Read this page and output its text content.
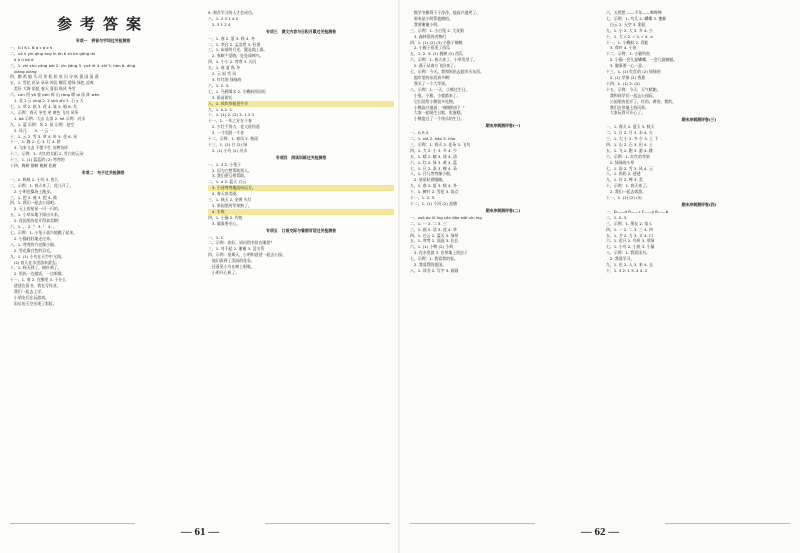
参考答案
专项一　拼音与字词过关检测卷
一、G I K L N q c d z h
二、uō ù yìn qīng àng ǐn én è zǔ bù gǒng dú
　ǔ ū ǔ bō ò
三、1. zhì zhù yǎng bǎi 2. yìn jiāng 3. yuè lè 4. zhī 5. hàn 6. dǐng
　xiàng xiáng
四、鹅 鸡 船 马 河 芽 松 粒 泉 闪 寻 纸 蛋 国 雨 燕
五、1. 雪花 花朵 朵朵 冲沉 棚荒 碧绿 绿色 凉爽
　美好 大海 彩虹 春天 夏雨 秋风 冬雪
六、cún 回 yǎ 壶 pēn 阵 山 rǎng 喷 qǐ 苗 阵 wèn
　1. 北 1 云 xìng 2. 2 shū zhì 3. 石 y 天
七、1. 草 2. 纸 3. 花 4. 笔 5. 船 6. 鸟
八、示例：春天 冬雪 笑 黄色 飞鸟 风筝
　1. bō 示例：大山 山顶 2. hé 示例：河水
九、1. 蓝 示例：风 2. 星 示例：星空
　2. 风儿　　3. 一 云 一
十、1. 云 2. 雪 3. 草 4. 叶 5. 花 6. 星
十一、1. 路 2. 心 3. 灯 4. 桥
　3. 飞来飞去 不慌不忙 各种各样
十二、示例：1. 火红的太阳 2. 雪白的云朵
十三、1. (1) 蓝蓝的 (2) 弯弯的
十四、梅树 柳树 桃树 松树
专项二　句子过关检测卷
一、1. 蚂蚁 2. 小鸟 3. 鱼儿
二、示例：1. 春天来了，花儿开了。
　2. 小明在操场上跑步。
三、1. 把 2. 被 3. 把 4. 被
四、1. 我们一起去公园吧。
　2. 天上的星星一闪一闪的。
五、1. 小草从地下探出头来。
　2. 花园里的花开得真美啊！
六、1. 。 2. ？ 3. ！ 4. 。
七、示例：1. 小兔子高兴地跳了起来。
　2. 小猫轻轻地走过来。
八、1. 弯弯的月亮像小船。
　2. 雪花像白色的羽毛。
九、1. (1) 小鸟在天空中飞翔。
　(2) 鱼儿在水里游来游去。
十、1. 秋天到了，树叶黄了。
　2. 妈妈一边做饭，一边唱歌。
十一、1. 谁 2. 在哪里 3. 干什么
　爸爸在看书，我在写作业。
　我们一起去上学。
　小朋友们在玩游戏。
　雨后的天空出现了彩虹。
9. 刻苦学习的人才会成功。
八、1. 2 3 1 4 5
　2. 3 1 2 4
专项三　课文内容与日积月累过关检测卷
一、1. 春 2. 夏 3. 秋 4. 冬
二、1. 李白 2. 孟浩然 3. 杜甫
三、1. 床前明月光，疑是地上霜。
　2. 春眠不觉晓，处处闻啼鸟。
四、1. 小小 2. 弯弯 3. 闪闪
五、1. 春 夏 秋 冬
　2. 云 雨 雪 风
　3. 红红的 绿绿的
六、1. 2. 3.
七、1. 乌鸦喝水 2. 小蝌蚪找妈妈
　3. 拔苗助长
八、1. 风吹草低见牛羊
九、1. A 2. C
十、1. (1) 2. (2) 3. 1 2 3
十一、1. 一年之计在于春
　2. 少壮不努力，老大徒伤悲
　3. 一寸光阴一寸金
十二、示例：1. 春风 2. 秋雨
十三、1. (1) 白 (2) 绿
　2. (1) 小鸟 (2) 河水
专项四　阅读训练过关检测卷
一、1. 3 2. 小兔子
　2. 因为它想帮助别人。
　3. 我们要互相帮助。
二、1. 4 2. 蓝天 白云
　3. 小河弯弯地流向远方。
　4. 春天真美丽。
三、1. 秋天 2. 金黄 火红
　3. 果园里的苹果熟了。
　4. 丰收
四、1. 小猫 2. 钓鱼
　3. 做事要专心。
专项五　口语交际与看图写话过关检测卷
一、1. C
二、示例：你好，请问图书馆在哪里？
三、1. 对不起 2. 谢谢 3. 没关系
四、示例：星期天，小明和爸爸一起去公园。
　他们看到了美丽的花朵，
　还看见小鸟在树上唱歌。
　小明开心极了。
— 61 —
　数学书擦得干干净净，他高兴地笑了。
　原来是小明帮他擦的。
　我要谢谢小明。
三、示例：1. 小白兔 2. 大灰狼
　3. 森林里的动物们
四、1. (1) (2) (3) 小猴子摘桃
　2. 小猴子看见了西瓜
五、1. 2. 3. (1) 桃树 (2) 西瓜
六、示例：1. 春天来了，小草发芽了。
　2. 燕子从南方飞回来了。
七、示例：今天，我和妈妈去超市买东西。
　超市里的东西真多啊！
　我买了一个大苹果。
八、示例：1. 一天，小熊过生日。
　小兔、小猴、小鹿都来了。
　它们送给小熊很多礼物。
　小熊高兴地说：“谢谢你们！”
　大家一起唱生日歌，吃蛋糕。
　小熊度过了一个快乐的生日。
期末冲刺测评卷(一)
一、G R S
二、1. xiǎ 2. hǎo 3. hǔo
三、示例：1. 春天 2. 花朵 3. 飞鸟
四、1. 大 2. 小 3. 多 4. 少
五、1. 晴 2. 睛 3. 请 4. 清
六、1. 红 2. 绿 3. 黄 4. 蓝
七、1. 只 2. 条 3. 棵 4. 朵
八、1. 月儿弯弯像小船。
　2. 星星眨着眼睛。
九、1. 春 2. 夏 3. 秋 4. 冬
十、1. 树叶 2. 雪花 3. 雨点
十一、1. 2. 3.
十二、1. (1) 小河 (2) 池塘
期末冲刺测评卷(二)
一、zuō ǎo lü īng cān dǎo wāi uǐn ǐng
二、1. 一 2. 二 3. 三
三、1. 画 2. 话 3. 花 4. 华
四、1. 白云 2. 蓝天 3. 绿草
五、1. 弯弯 2. 高高 3. 长长
六、1. (1) 小鸭 (2) 小鸡
　2. 在水里游 3. 在草地上找虫子
七、示例：1. 我爱我的家。
　2. 我爱我的祖国。
八、1. 读书 2. 写字 3. 画画
六、五然然 ——千年——哗哗哗
七、示例：1. 鸟儿 2. 蝴蝶 3. 蜜蜂
　白云 2. 天空 3. 彩虹
九、1. 小 2. 大 3. 多 4. 少
十、1. 大 √ 2. √ 3. √ 4. ×
十一、1. 小蝌蚪 2. 青蛙
　3. 荷叶 4. 小鱼
十二、示例：1. 小猫钓鱼
　2. 小猫一会儿捉蝴蝶，一会儿捉蜻蜓。
　3. 做事要一心一意。
十三、1. (1) 红红的 (2) 绿绿的
　2. (1) 苹果 (2) 香蕉
十四、1. (1) 2. (2)
十五、示例：今天，天气晴朗。
　我和同学们一起去公园玩。
　公园里的花开了，红的、黄的、紫的。
　我们在草地上放风筝。
　大家玩得可开心了。
期末冲刺测评卷(三)
一、1. 春天 2. 夏天 3. 秋天
二、1. 日 2. 月 3. 水 4. 火
三、1. 大 小 2. 多 少 3. 上 下
四、1. 山 2. 石 3. 田 4. 土
五、1. 飞 2. 跑 3. 游 4. 跳
六、示例：1. 红红的苹果
　2. 绿绿的小草
七、1. 雨 2. 雪 3. 风 4. 云
八、1. 妈妈 2. 爸爸
九、1. 好 2. 棒 3. 美
十、示例：1. 春天来了。
　2. 我们一起去郊游。
十一、1. (1) (2) (3)
期末冲刺测评卷(四)
一、D——d R——r Y——y B——b
二、1. 2. 3.
三、示例：1. 朋友 2. 家人
四、1. 一 2. 二 3. 三 4. 四
五、1. 刀 2. 力 3. 又 4. 口
六、1. 花开 2. 鸟叫 3. 草绿
七、1. 小鸟 2. 小鱼 3. 小猫
八、示例：1. 我爱读书。
　2. 我爱学习。
九、1. 出 2. 入 3. 来 4. 去
十、1. 3 2. 1 3. 4 4. 2
— 62 —
